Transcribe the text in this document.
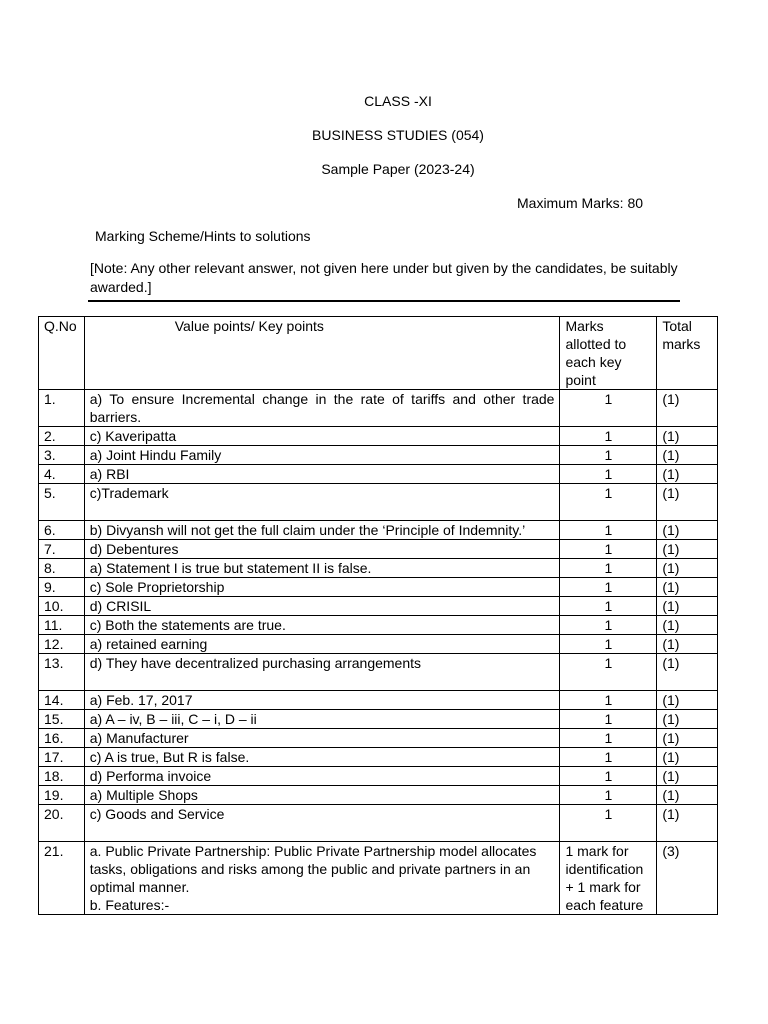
CLASS -XI
BUSINESS STUDIES (054)
Sample Paper (2023-24)
Maximum Marks: 80
Marking Scheme/Hints to solutions
[Note: Any other relevant answer, not given here under but given by the candidates, be suitably awarded.]
Q.No	Value points/ Key points	Marks allotted to each key point	Total marks
1.	a) To ensure Incremental change in the rate of tariffs and other trade barriers.	1	(1)
2.	c) Kaveripatta	1	(1)
3.	a) Joint Hindu Family	1	(1)
4.	a) RBI	1	(1)
5.	c)Trademark	1	(1)
6.	b) Divyansh will not get the full claim under the ‘Principle of Indemnity.’	1	(1)
7.	d) Debentures	1	(1)
8.	a) Statement I is true but statement II is false.	1	(1)
9.	c) Sole Proprietorship	1	(1)
10.	d) CRISIL	1	(1)
11.	c) Both the statements are true.	1	(1)
12.	a) retained earning	1	(1)
13.	d) They have decentralized purchasing arrangements	1	(1)
14.	a) Feb. 17, 2017	1	(1)
15.	a) A – iv, B – iii, C – i, D – ii	1	(1)
16.	a) Manufacturer	1	(1)
17.	c) A is true, But R is false.	1	(1)
18.	d) Performa invoice	1	(1)
19.	a) Multiple Shops	1	(1)
20.	c) Goods and Service	1	(1)
21.	a. Public Private Partnership: Public Private Partnership model allocates tasks, obligations and risks among the public and private partners in an optimal manner.
b. Features:-	1 mark for identification + 1 mark for each feature	(3)
